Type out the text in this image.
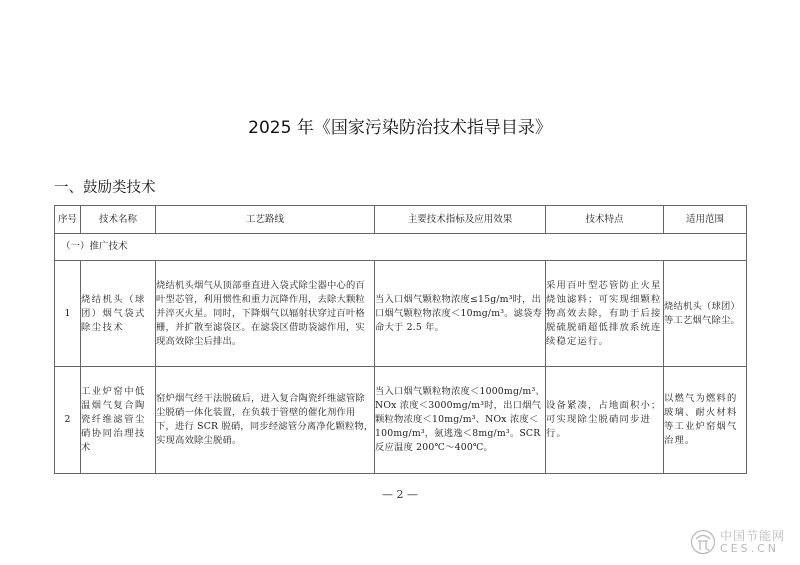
2025 年《国家污染防治技术指导目录》
一、鼓励类技术
序号	技术名称	工艺路线	主要技术指标及应用效果	技术特点	适用范围
（一）推广技术					
1	烧结机头（球团）烟气袋式除尘技术	烧结机头烟气从顶部垂直进入袋式除尘器中心的百叶型芯管，利用惯性和重力沉降作用，去除大颗粒并淬灭火星。同时，下降烟气以辐射状穿过百叶格栅，并扩散至滤袋区。在滤袋区借助袋滤作用，实现高效除尘后排出。	当入口烟气颗粒物浓度≤15g/m³时，出口烟气颗粒物浓度＜10mg/m³。滤袋寿命大于 2.5 年。	采用百叶型芯管防止火星烧蚀滤料；可实现细颗粒物高效去除，有助于后接脱硫脱硝超低排放系统连续稳定运行。	烧结机头（球团）等工艺烟气除尘。
2	工业炉窑中低温烟气复合陶瓷纤维滤管尘硝协同治理技术	窑炉烟气经干法脱硫后，进入复合陶瓷纤维滤管除尘脱硝一体化装置，在负载于管壁的催化剂作用下，进行 SCR 脱硝，同步经滤管分离净化颗粒物，实现高效除尘脱硝。	当入口烟气颗粒物浓度＜1000mg/m³、NOx 浓度＜3000mg/m³时，出口烟气颗粒物浓度＜10mg/m³、NOx 浓度＜100mg/m³，氨逃逸＜8mg/m³。SCR 反应温度 200℃～400℃。	设备紧凑，占地面积小；可实现除尘脱硝同步进行。	以燃气为燃料的玻璃、耐火材料等工业炉窑烟气治理。
— 2 —
中国节能网
CES.CN
